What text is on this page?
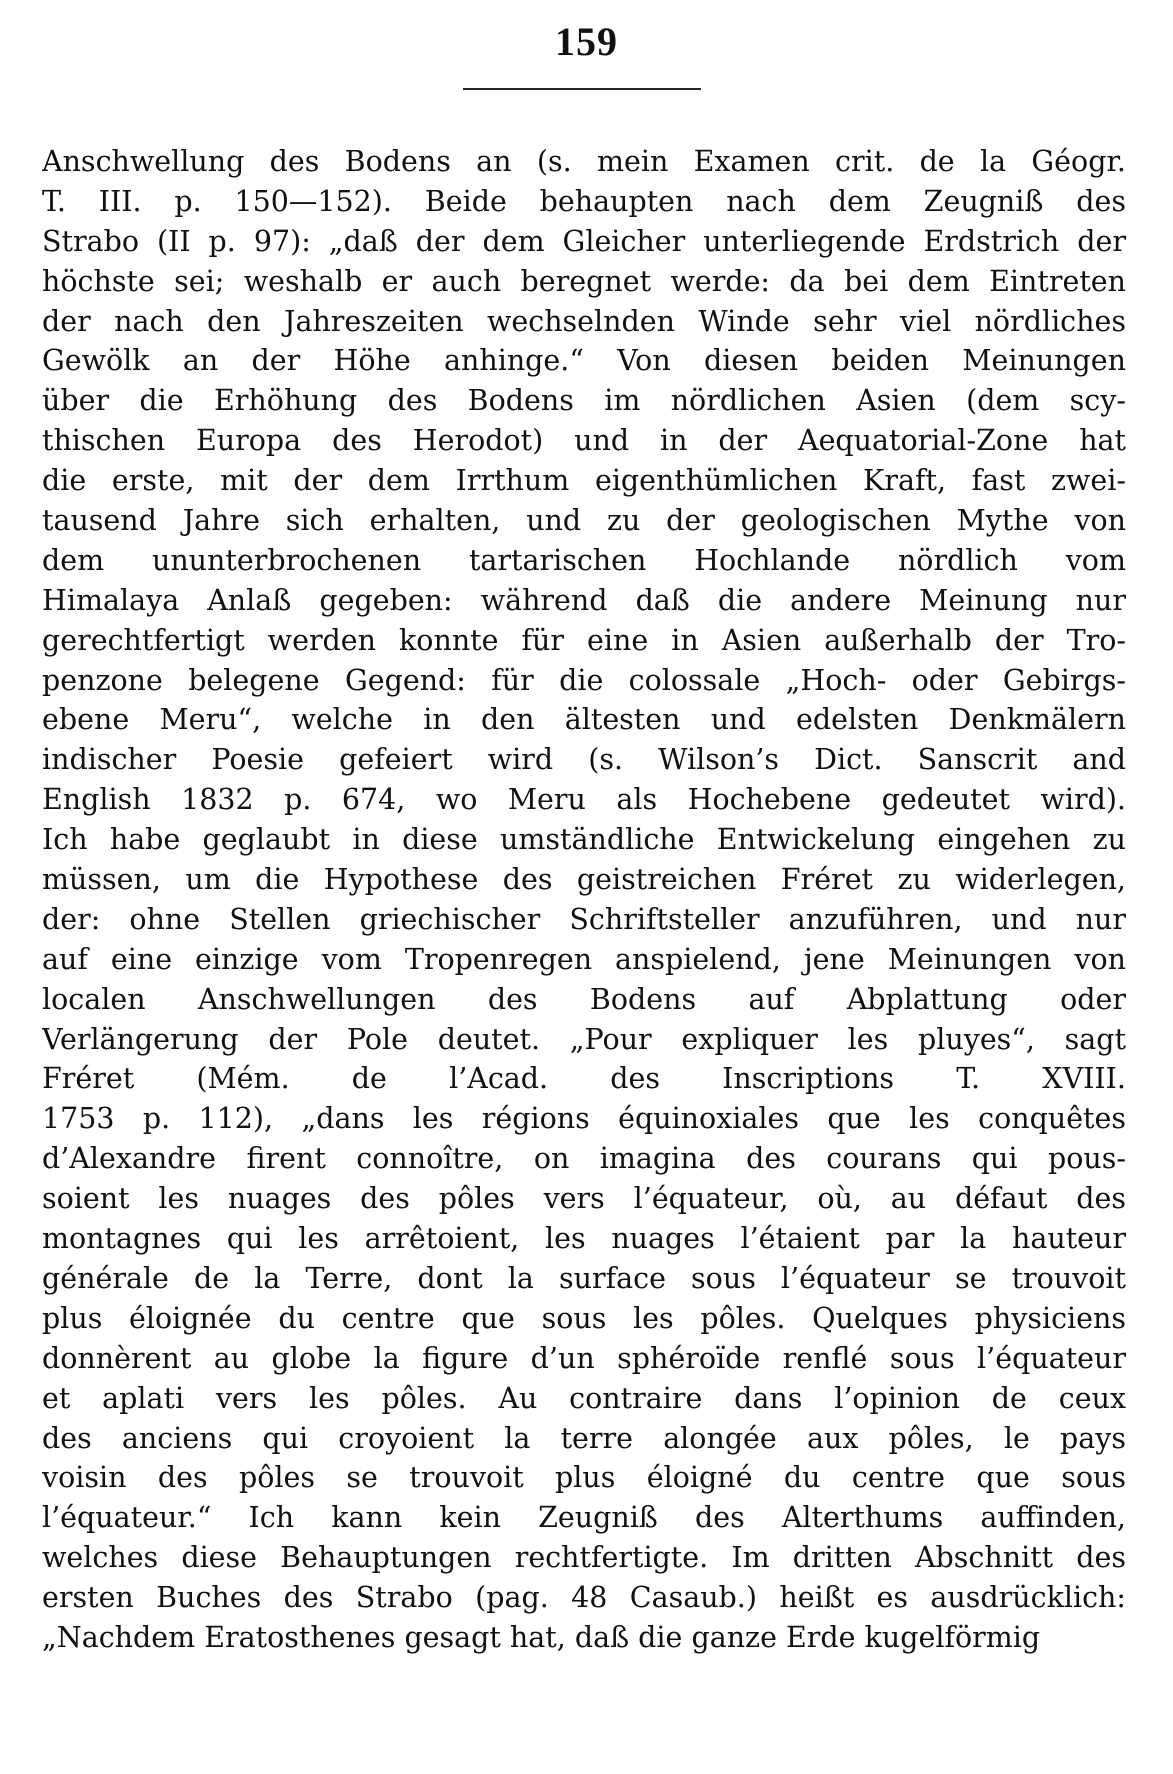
159
Anschwellung des Bodens an (s. mein Examen crit. de la Géogr.
T. III. p. 150—152). Beide behaupten nach dem Zeugniß des
Strabo (II p. 97): „daß der dem Gleicher unterliegende Erdstrich der
höchste sei; weshalb er auch beregnet werde: da bei dem Eintreten
der nach den Jahreszeiten wechselnden Winde sehr viel nördliches
Gewölk an der Höhe anhinge.“ Von diesen beiden Meinungen
über die Erhöhung des Bodens im nördlichen Asien (dem scy-
thischen Europa des Herodot) und in der Aequatorial-Zone hat
die erste, mit der dem Irrthum eigenthümlichen Kraft, fast zwei-
tausend Jahre sich erhalten, und zu der geologischen Mythe von
dem ununterbrochenen tartarischen Hochlande nördlich vom
Himalaya Anlaß gegeben: während daß die andere Meinung nur
gerechtfertigt werden konnte für eine in Asien außerhalb der Tro-
penzone belegene Gegend: für die colossale „Hoch- oder Gebirgs-
ebene Meru“, welche in den ältesten und edelsten Denkmälern
indischer Poesie gefeiert wird (s. Wilson’s Dict. Sanscrit and
English 1832 p. 674, wo Meru als Hochebene gedeutet wird).
Ich habe geglaubt in diese umständliche Entwickelung eingehen zu
müssen, um die Hypothese des geistreichen Fréret zu widerlegen,
der: ohne Stellen griechischer Schriftsteller anzuführen, und nur
auf eine einzige vom Tropenregen anspielend, jene Meinungen von
localen Anschwellungen des Bodens auf Abplattung oder
Verlängerung der Pole deutet. „Pour expliquer les pluyes“, sagt
Fréret (Mém. de l’Acad. des Inscriptions T. XVIII.
1753 p. 112), „dans les régions équinoxiales que les conquêtes
d’Alexandre firent connoître, on imagina des courans qui pous-
soient les nuages des pôles vers l’équateur, où, au défaut des
montagnes qui les arrêtoient, les nuages l’étaient par la hauteur
générale de la Terre, dont la surface sous l’équateur se trouvoit
plus éloignée du centre que sous les pôles. Quelques physiciens
donnèrent au globe la figure d’un sphéroïde renflé sous l’équateur
et aplati vers les pôles. Au contraire dans l’opinion de ceux
des anciens qui croyoient la terre alongée aux pôles, le pays
voisin des pôles se trouvoit plus éloigné du centre que sous
l’équateur.“ Ich kann kein Zeugniß des Alterthums auffinden,
welches diese Behauptungen rechtfertigte. Im dritten Abschnitt des
ersten Buches des Strabo (pag. 48 Casaub.) heißt es ausdrücklich:
„Nachdem Eratosthenes gesagt hat, daß die ganze Erde kugelförmig
